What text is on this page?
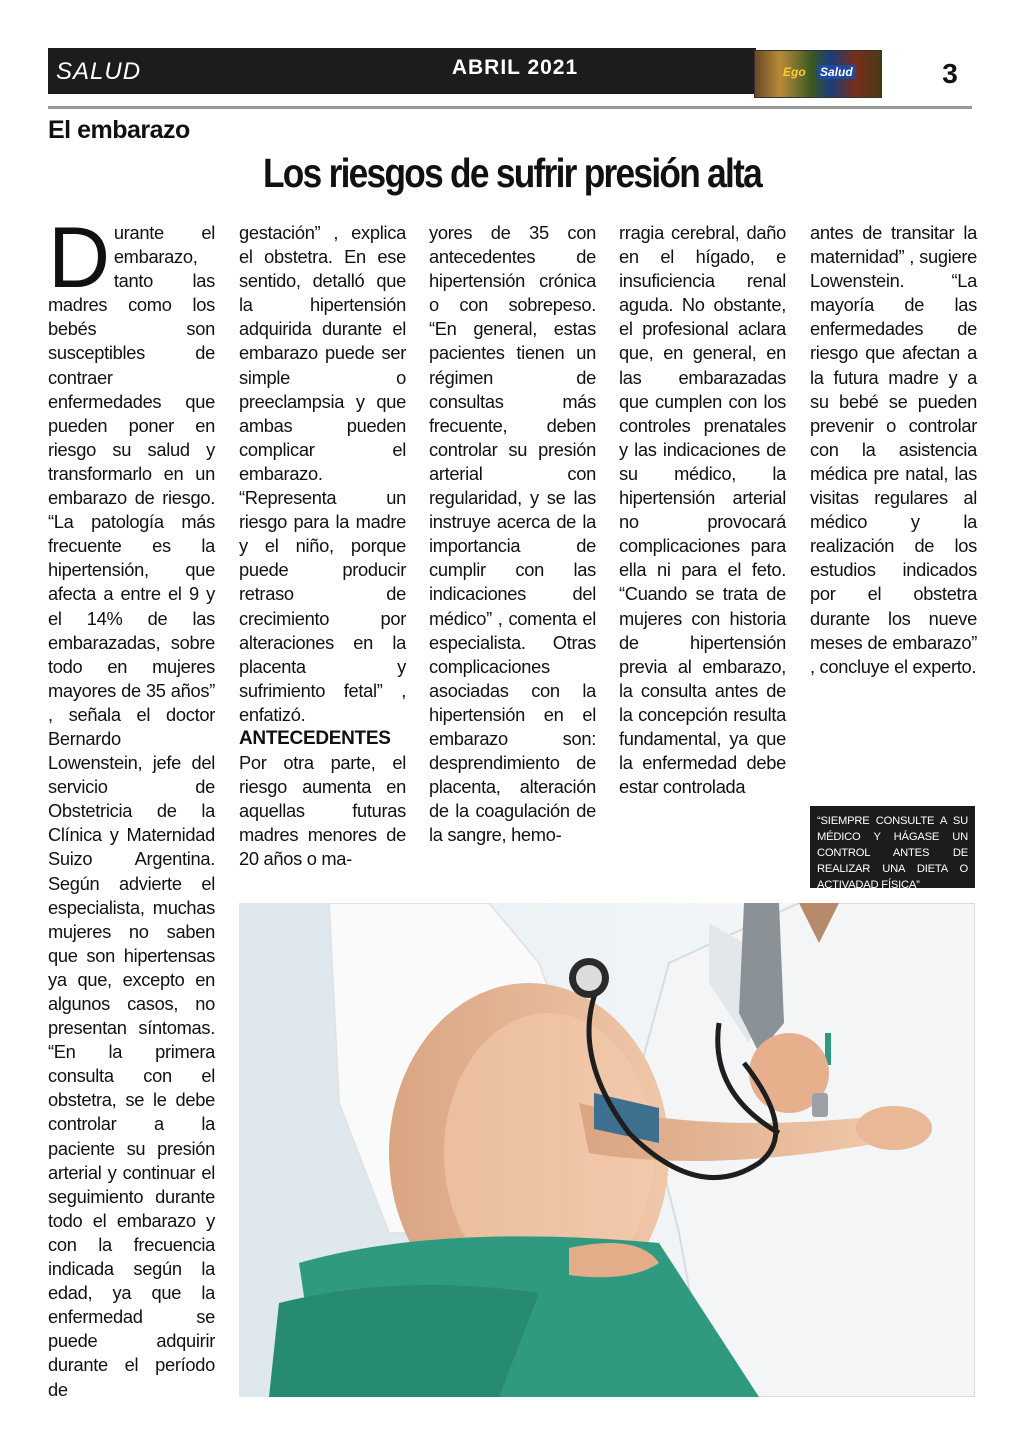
SALUD	ABRIL 2021	Ego Salud	3
El embarazo
Los riesgos de sufrir presión alta
D urante el embarazo, tanto las madres como los bebés son susceptibles de contraer enfermedades que pueden poner en riesgo su salud y transformarlo en un embarazo de riesgo. “La patología más frecuente es la hipertensión, que afecta a entre el 9 y el 14% de las embarazadas, sobre todo en mujeres mayores de 35 años” , señala el doctor Bernardo Lowenstein, jefe del servicio de Obstetricia de la Clínica y Maternidad Suizo Argentina. Según advierte el especialista, muchas mujeres no saben que son hipertensas ya que, excepto en algunos casos, no presentan síntomas. “En la primera consulta con el obstetra, se le debe controlar a la paciente su presión arterial y continuar el seguimiento durante todo el embarazo y con la frecuencia indicada según la edad, ya que la enfermedad se puede adquirir durante el período de

gestación” , explica el obstetra. En ese sentido, detalló que la hipertensión adquirida durante el embarazo puede ser simple o preeclampsia y que ambas pueden complicar el embarazo. “Representa un riesgo para la madre y el niño, porque puede producir retraso de crecimiento por alteraciones en la placenta y sufrimiento fetal” , enfatizó.

ANTECEDENTES

Por otra parte, el riesgo aumenta en aquellas futuras madres menores de 20 años o ma-

yores de 35 con antecedentes de hipertensión crónica o con sobrepeso. “En general, estas pacientes tienen un régimen de consultas más frecuente, deben controlar su presión arterial con regularidad, y se las instruye acerca de la importancia de cumplir con las indicaciones del médico” , comenta el especialista. Otras complicaciones asociadas con la hipertensión en el embarazo son: desprendimiento de placenta, alteración de la coagulación de la sangre, hemo-

rragia cerebral, daño en el hígado, e insuficiencia renal aguda. No obstante, el profesional aclara que, en general, en las embarazadas que cumplen con los controles prenatales y las indicaciones de su médico, la hipertensión arterial no provocará complicaciones para ella ni para el feto. “Cuando se trata de mujeres con historia de hipertensión previa al embarazo, la consulta antes de la concepción resulta fundamental, ya que la enfermedad debe estar controlada

antes de transitar la maternidad” , sugiere Lowenstein. “La mayoría de las enfermedades de riesgo que afectan a la futura madre y a su bebé se pueden prevenir o controlar con la asistencia médica pre natal, las visitas regulares al médico y la realización de los estudios indicados por el obstetra durante los nueve meses de embarazo” , concluye el experto.

“SIEMPRE CONSULTE A SU MÉDICO Y HÁGASE UN CONTROL ANTES DE REALIZAR UNA DIETA O ACTIVADAD FÍSICA”
